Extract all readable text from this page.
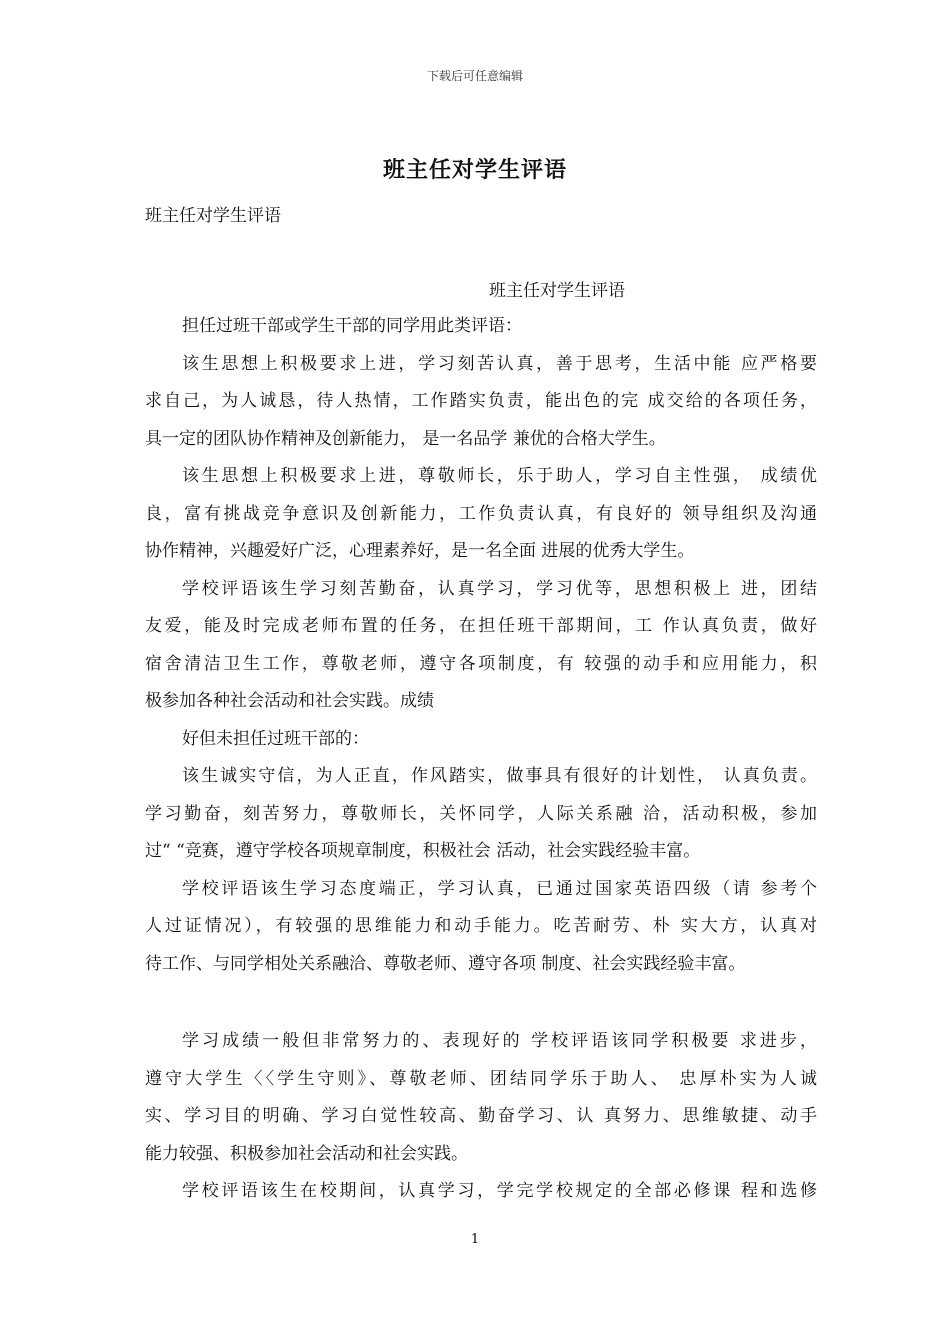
下载后可任意编辑
班主任对学生评语
班主任对学生评语
班主任对学生评语
担任过班干部或学生干部的同学用此类评语：
该生思想上积极要求上进，学习刻苦认真，善于思考，生活中能 应严格要
求自己，为人诚恳，待人热情，工作踏实负责，能出色的完 成交给的各项任务，
具一定的团队协作精神及创新能力， 是一名品学 兼优的合格大学生。
该生思想上积极要求上进，尊敬师长，乐于助人，学习自主性强， 成绩优
良，富有挑战竞争意识及创新能力，工作负责认真，有良好的 领导组织及沟通
协作精神，兴趣爱好广泛，心理素养好，是一名全面 进展的优秀大学生。
学校评语该生学习刻苦勤奋，认真学习，学习优等，思想积极上 进，团结
友爱，能及时完成老师布置的任务，在担任班干部期间，工 作认真负责，做好
宿舍清洁卫生工作，尊敬老师，遵守各项制度，有 较强的动手和应用能力，积
极参加各种社会活动和社会实践。成绩
好但未担任过班干部的：
该生诚实守信，为人正直，作风踏实，做事具有很好的计划性， 认真负责。
学习勤奋，刻苦努力，尊敬师长，关怀同学，人际关系融 洽，活动积极，参加
过“ “竞赛，遵守学校各项规章制度，积极社会 活动，社会实践经验丰富。
学校评语该生学习态度端正，学习认真，已通过国家英语四级（请 参考个
人过证情况），有较强的思维能力和动手能力。吃苦耐劳、朴 实大方，认真对
待工作、与同学相处关系融洽、尊敬老师、遵守各项 制度、社会实践经验丰富。
学习成绩一般但非常努力的、表现好的 学校评语该同学积极要 求进步，
遵守大学生〈〈学生守则》、尊敬老师、团结同学乐于助人、 忠厚朴实为人诚
实、学习目的明确、学习白觉性较高、勤奋学习、认 真努力、思维敏捷、动手
能力较强、积极参加社会活动和社会实践。
学校评语该生在校期间，认真学习，学完学校规定的全部必修课 程和选修
1
